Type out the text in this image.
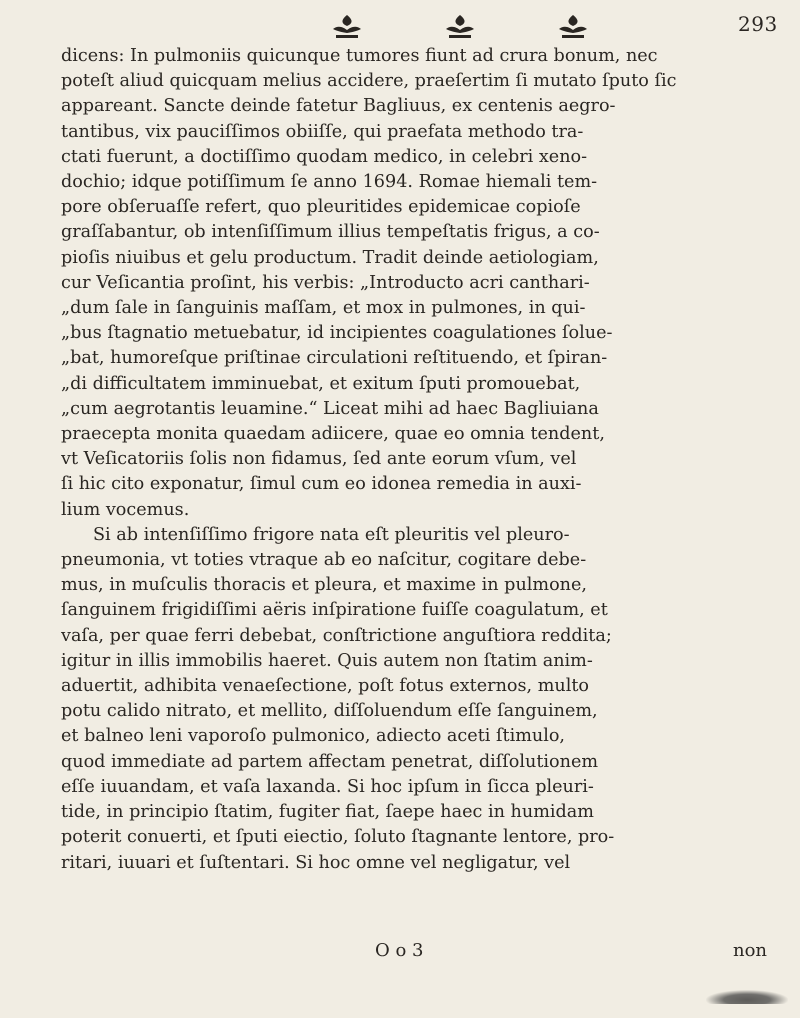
293
dicens: In pulmoniis quicunque tumores fiunt ad crura bonum, nec
poteſt aliud quicquam melius accidere, praeſertim ſi mutato ſputo ſic
appareant. Sancte deinde fatetur Bagliuus, ex centenis aegro-
tantibus, vix pauciſſimos obiiſſe, qui praefata methodo tra-
ctati fuerunt, a doctiſſimo quodam medico, in celebri xeno-
dochio; idque potiſſimum ſe anno 1694. Romae hiemali tem-
pore obſeruaſſe refert, quo pleuritides epidemicae copioſe
graſſabantur, ob intenſiſſimum illius tempeſtatis frigus, a co-
pioſis niuibus et gelu productum. Tradit deinde aetiologiam,
cur Veſicantia proſint, his verbis: „Introducto acri canthari-
„dum ſale in ſanguinis maſſam, et mox in pulmones, in qui-
„bus ſtagnatio metuebatur, id incipientes coagulationes ſolue-
„bat, humoreſque priſtinae circulationi reſtituendo, et ſpiran-
„di difficultatem imminuebat, et exitum ſputi promouebat,
„cum aegrotantis leuamine.“ Liceat mihi ad haec Bagliuiana
praecepta monita quaedam adiicere, quae eo omnia tendent,
vt Veſicatoriis ſolis non fidamus, ſed ante eorum vſum, vel
ſi hic cito exponatur, ſimul cum eo idonea remedia in auxi-
lium vocemus.
Si ab intenſiſſimo frigore nata eſt pleuritis vel pleuro-
pneumonia, vt toties vtraque ab eo naſcitur, cogitare debe-
mus, in muſculis thoracis et pleura, et maxime in pulmone,
ſanguinem frigidiſſimi aëris inſpiratione fuiſſe coagulatum, et
vaſa, per quae ferri debebat, conſtrictione anguſtiora reddita;
igitur in illis immobilis haeret. Quis autem non ſtatim anim-
aduertit, adhibita venaeſectione, poſt fotus externos, multo
potu calido nitrato, et mellito, diſſoluendum eſſe ſanguinem,
et balneo leni vaporoſo pulmonico, adiecto aceti ſtimulo,
quod immediate ad partem affectam penetrat, diſſolutionem
eſſe iuuandam, et vaſa laxanda. Si hoc ipſum in ſicca pleuri-
tide, in principio ſtatim, fugiter fiat, ſaepe haec in humidam
poterit conuerti, et ſputi eiectio, ſoluto ſtagnante lentore, pro-
ritari, iuuari et ſuſtentari. Si hoc omne vel negligatur, vel
O o 3	non
